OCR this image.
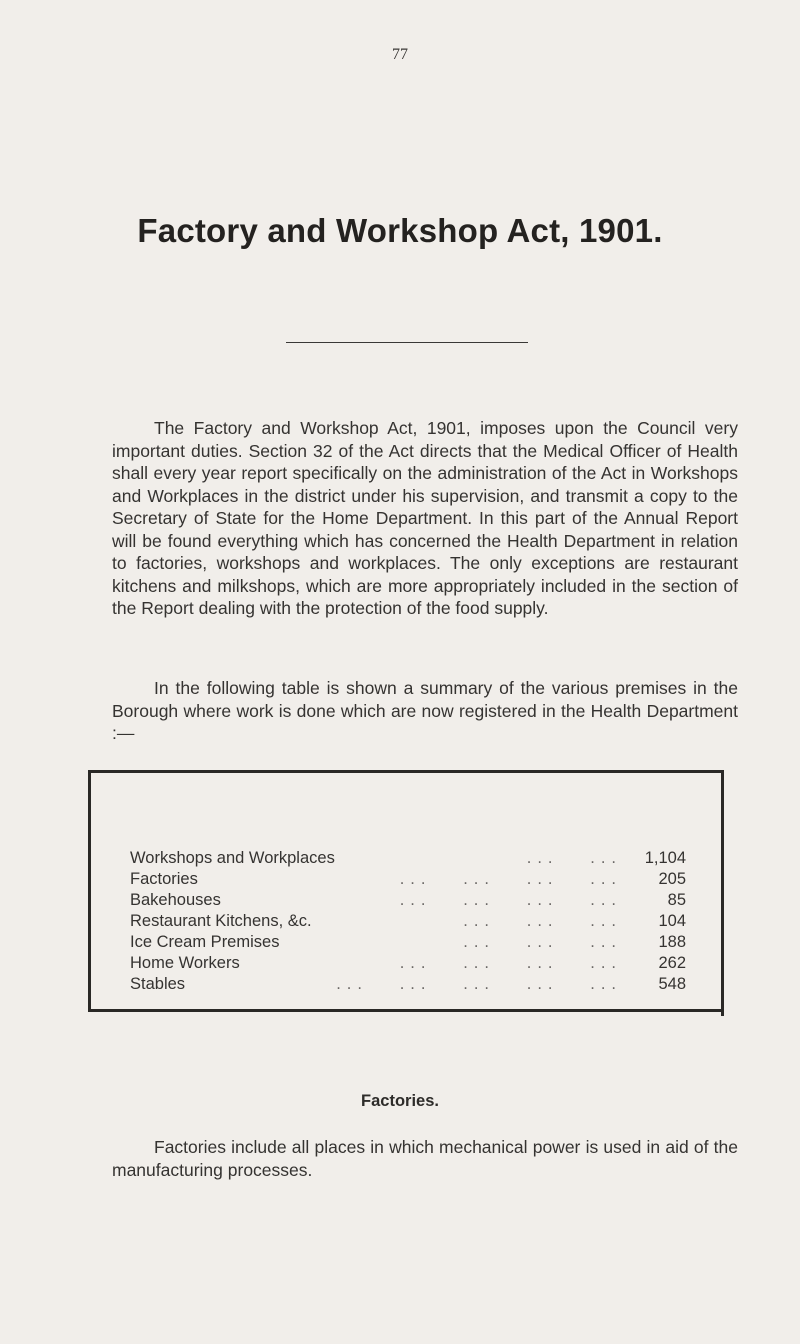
77
Factory and Workshop Act, 1901.

The Factory and Workshop Act, 1901, imposes upon the Council very important duties. Section 32 of the Act directs that the Medical Officer of Health shall every year report specifically on the administration of the Act in Workshops and Workplaces in the district under his supervision, and transmit a copy to the Secretary of State for the Home Department. In this part of the Annual Report will be found everything which has concerned the Health Department in relation to factories, workshops and workplaces. The only exceptions are restaurant kitchens and milkshops, which are more appropriately included in the section of the Report dealing with the protection of the food supply.

In the following table is shown a summary of the various premises in the Borough where work is done which are now registered in the Health Department :—

Workshops and Workplaces	...   ...	1,104
Factories	...   ...   ...   ...	205
Bakehouses	...   ...   ...   ...	85
Restaurant Kitchens, &c.	...   ...   ...	104
Ice Cream Premises	...   ...   ...	188
Home Workers	...   ...   ...   ...	262
Stables	...   ...   ...   ...   ...	548
Factories.

Factories include all places in which mechanical power is used in aid of the manufacturing processes.
